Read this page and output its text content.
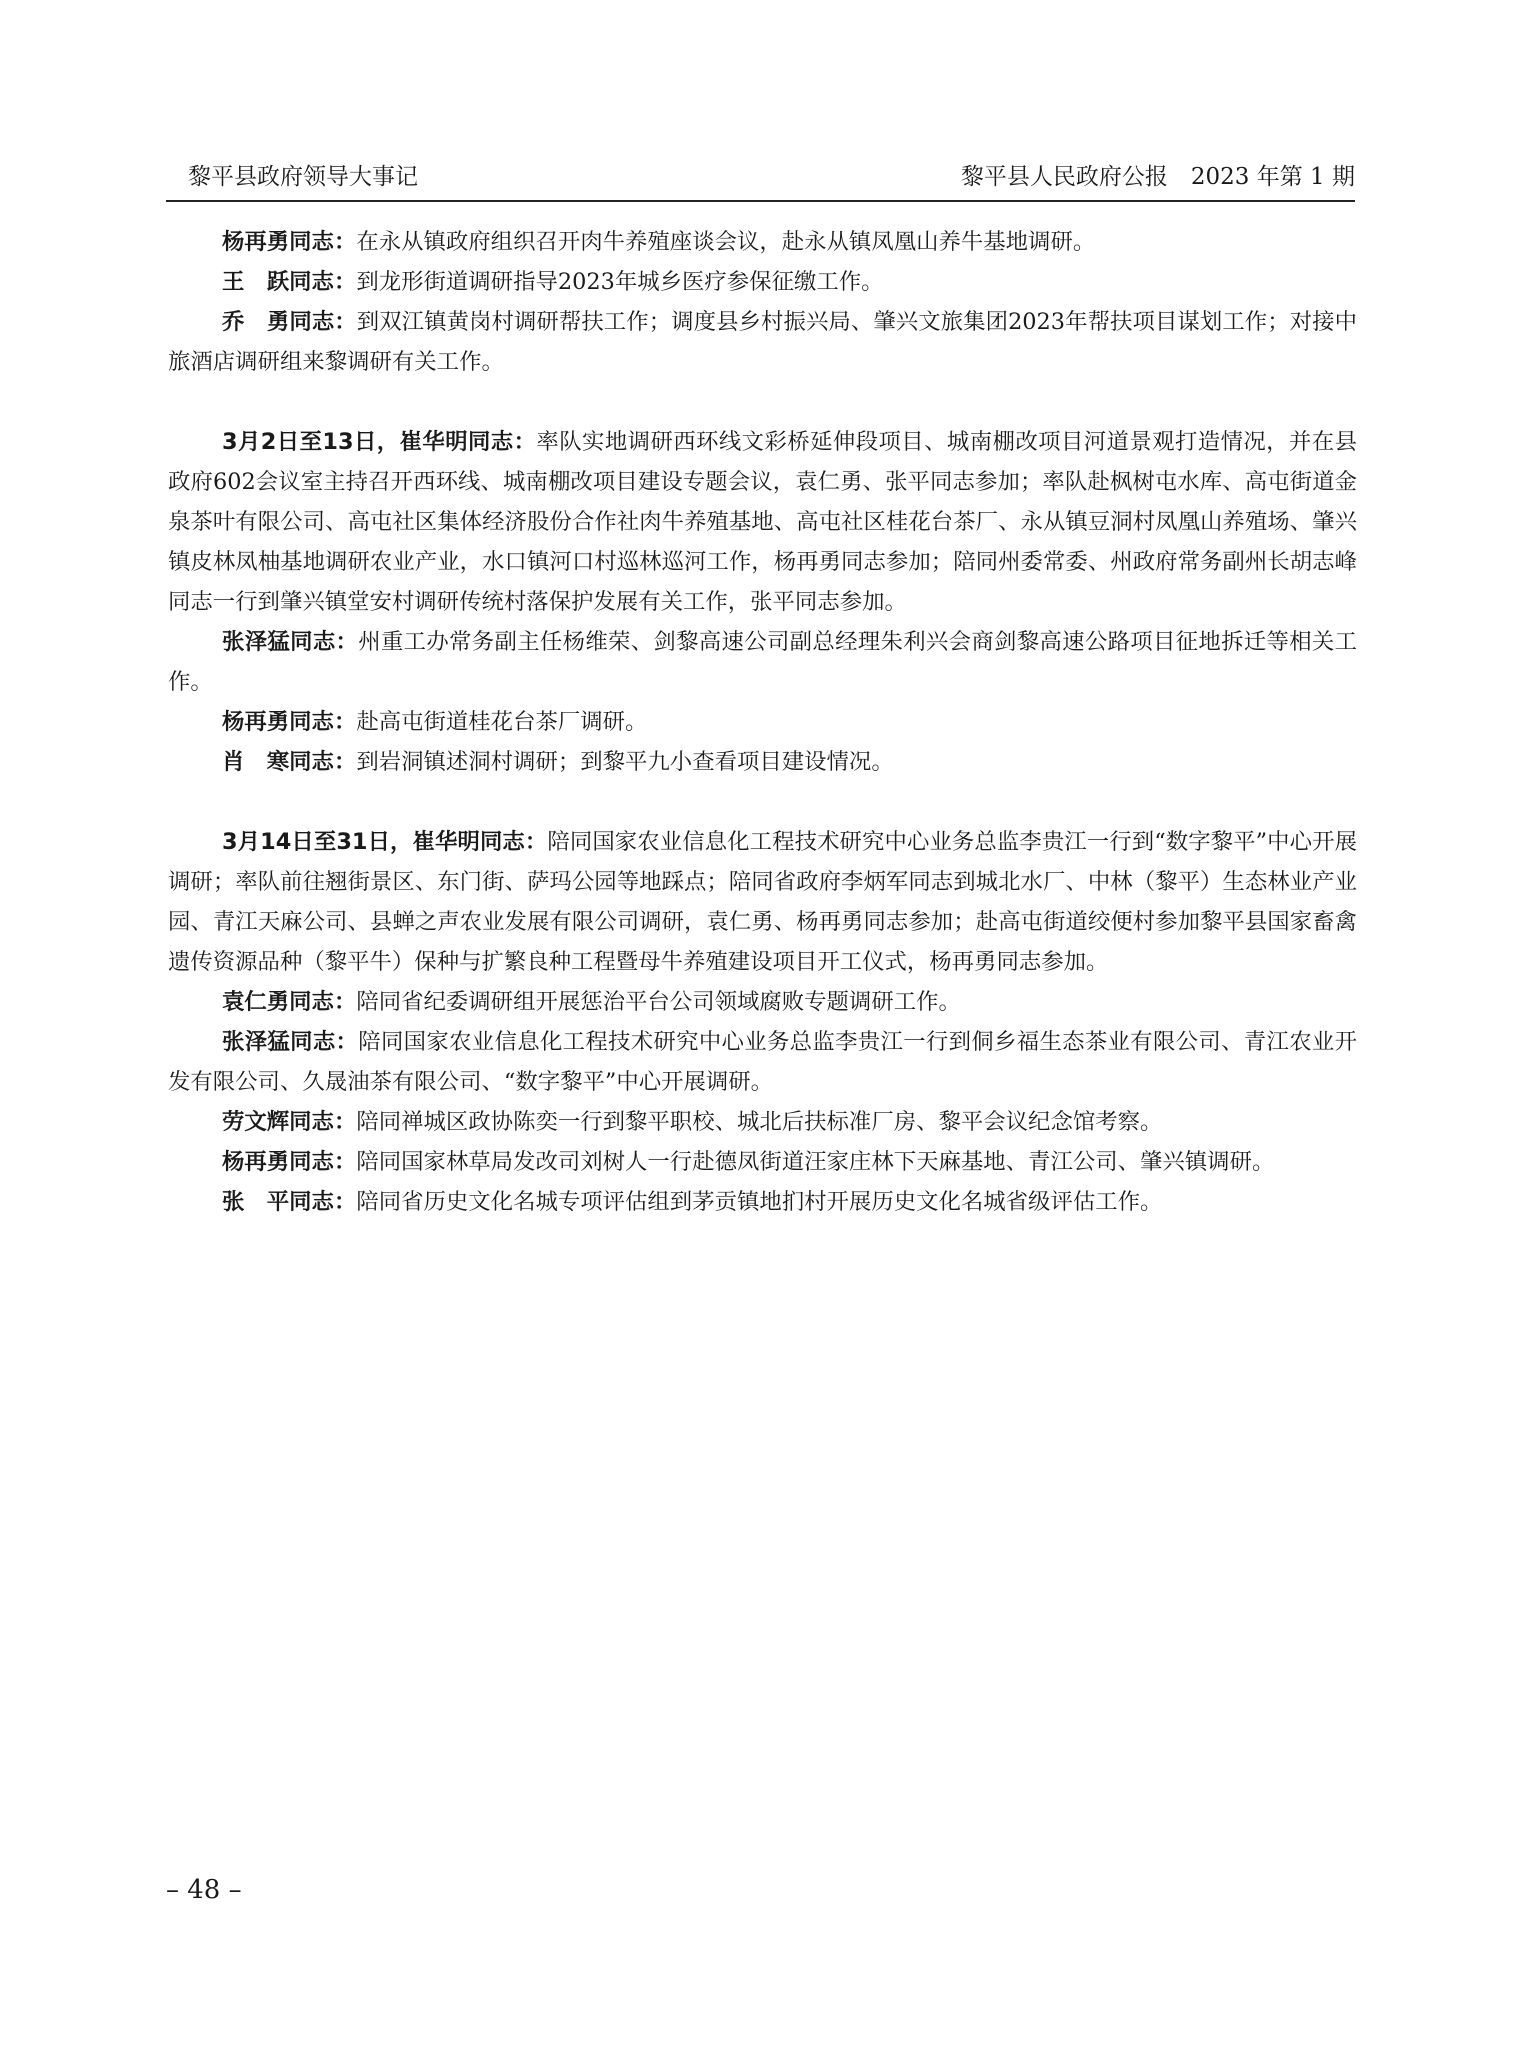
黎平县政府领导大事记	黎平县人民政府公报　2023 年第 1 期

杨再勇同志：在永从镇政府组织召开肉牛养殖座谈会议，赴永从镇凤凰山养牛基地调研。

王　跃同志：到龙形街道调研指导2023年城乡医疗参保征缴工作。

乔　勇同志：到双江镇黄岗村调研帮扶工作；调度县乡村振兴局、肇兴文旅集团2023年帮扶项目谋划工作；对接中旅酒店调研组来黎调研有关工作。

3月2日至13日，崔华明同志：率队实地调研西环线文彩桥延伸段项目、城南棚改项目河道景观打造情况，并在县政府602会议室主持召开西环线、城南棚改项目建设专题会议，袁仁勇、张平同志参加；率队赴枫树屯水库、高屯街道金泉茶叶有限公司、高屯社区集体经济股份合作社肉牛养殖基地、高屯社区桂花台茶厂、永从镇豆洞村凤凰山养殖场、肇兴镇皮林凤柚基地调研农业产业，水口镇河口村巡林巡河工作，杨再勇同志参加；陪同州委常委、州政府常务副州长胡志峰同志一行到肇兴镇堂安村调研传统村落保护发展有关工作，张平同志参加。

张泽猛同志：州重工办常务副主任杨维荣、剑黎高速公司副总经理朱利兴会商剑黎高速公路项目征地拆迁等相关工作。

杨再勇同志：赴高屯街道桂花台茶厂调研。

肖　寒同志：到岩洞镇述洞村调研；到黎平九小查看项目建设情况。

3月14日至31日，崔华明同志：陪同国家农业信息化工程技术研究中心业务总监李贵江一行到“数字黎平”中心开展调研；率队前往翘街景区、东门街、萨玛公园等地踩点；陪同省政府李炳军同志到城北水厂、中林（黎平）生态林业产业园、青江天麻公司、县蝉之声农业发展有限公司调研，袁仁勇、杨再勇同志参加；赴高屯街道绞便村参加黎平县国家畜禽遗传资源品种（黎平牛）保种与扩繁良种工程暨母牛养殖建设项目开工仪式，杨再勇同志参加。

袁仁勇同志：陪同省纪委调研组开展惩治平台公司领域腐败专题调研工作。

张泽猛同志：陪同国家农业信息化工程技术研究中心业务总监李贵江一行到侗乡福生态茶业有限公司、青江农业开发有限公司、久晟油茶有限公司、“数字黎平”中心开展调研。

劳文辉同志：陪同禅城区政协陈奕一行到黎平职校、城北后扶标准厂房、黎平会议纪念馆考察。

杨再勇同志：陪同国家林草局发改司刘树人一行赴德凤街道汪家庄林下天麻基地、青江公司、肇兴镇调研。

张　平同志：陪同省历史文化名城专项评估组到茅贡镇地扪村开展历史文化名城省级评估工作。

– 48 –
